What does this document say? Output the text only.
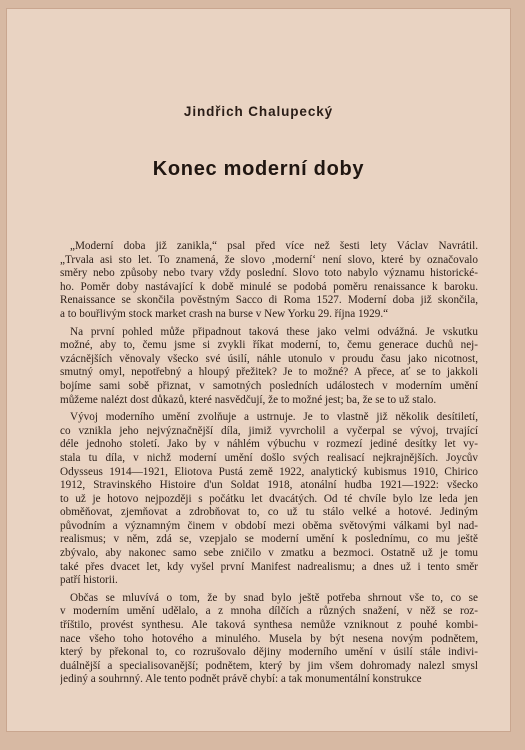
Jindřich Chalupecký
Konec moderní doby
„Moderní doba již zanikla,“ psal před více než šesti lety Václav Navrátil.
„Trvala asi sto let. To znamená, že slovo ‚moderní‘ není slovo, které by označovalo
směry nebo způsoby nebo tvary vždy poslední. Slovo toto nabylo významu historické-
ho. Poměr doby nastávající k době minulé se podobá poměru renaissance k baroku.
Renaissance se skončila pověstným Sacco di Roma 1527. Moderní doba již skončila,
a to bouřlivým stock market crash na burse v New Yorku 29. října 1929.“
Na první pohled může připadnout taková these jako velmi odvážná. Je vskutku
možné, aby to, čemu jsme si zvykli říkat moderní, to, čemu generace duchů nej-
vzácnějších věnovaly všecko své úsilí, náhle utonulo v proudu času jako nicotnost,
smutný omyl, nepotřebný a hloupý přežitek? Je to možné? A přece, ať se to jakkoli
bojíme sami sobě přiznat, v samotných posledních událostech v moderním umění
můžeme nalézt dost důkazů, které nasvědčují, že to možné jest; ba, že se to už stalo.
Vývoj moderního umění zvolňuje a ustrnuje. Je to vlastně již několik desítiletí,
co vznikla jeho nejvýznačnější díla, jimiž vyvrcholil a vyčerpal se vývoj, trvající
déle jednoho století. Jako by v náhlém výbuchu v rozmezí jediné desítky let vy-
stala tu díla, v nichž moderní umění došlo svých realisací nejkrajnějších. Joycův
Odysseus 1914—1921, Eliotova Pustá země 1922, analytický kubismus 1910, Chirico
1912, Stravinského Histoire d'un Soldat 1918, atonální hudba 1921—1922: všecko
to už je hotovo nejpozději s počátku let dvacátých. Od té chvíle bylo lze leda jen
obměňovat, zjemňovat a zdrobňovat to, co už tu stálo velké a hotové. Jediným
původním a významným činem v období mezi oběma světovými válkami byl nad-
realismus; v něm, zdá se, vzepjalo se moderní umění k poslednímu, co mu ještě
zbývalo, aby nakonec samo sebe zničilo v zmatku a bezmoci. Ostatně už je tomu
také přes dvacet let, kdy vyšel první Manifest nadrealismu; a dnes už i tento směr
patří historii.
Občas se mluvívá o tom, že by snad bylo ještě potřeba shrnout vše to, co se
v moderním umění udělalo, a z mnoha dílčích a různých snažení, v něž se roz-
tříštilo, provést synthesu. Ale taková synthesa nemůže vzniknout z pouhé kombi-
nace všeho toho hotového a minulého. Musela by být nesena novým podnětem,
který by překonal to, co rozrušovalo dějiny moderního umění v úsilí stále indivi-
duálnější a specialisovanější; podnětem, který by jim všem dohromady nalezl smysl
jediný a souhrnný. Ale tento podnět právě chybí: a tak monumentální konstrukce
